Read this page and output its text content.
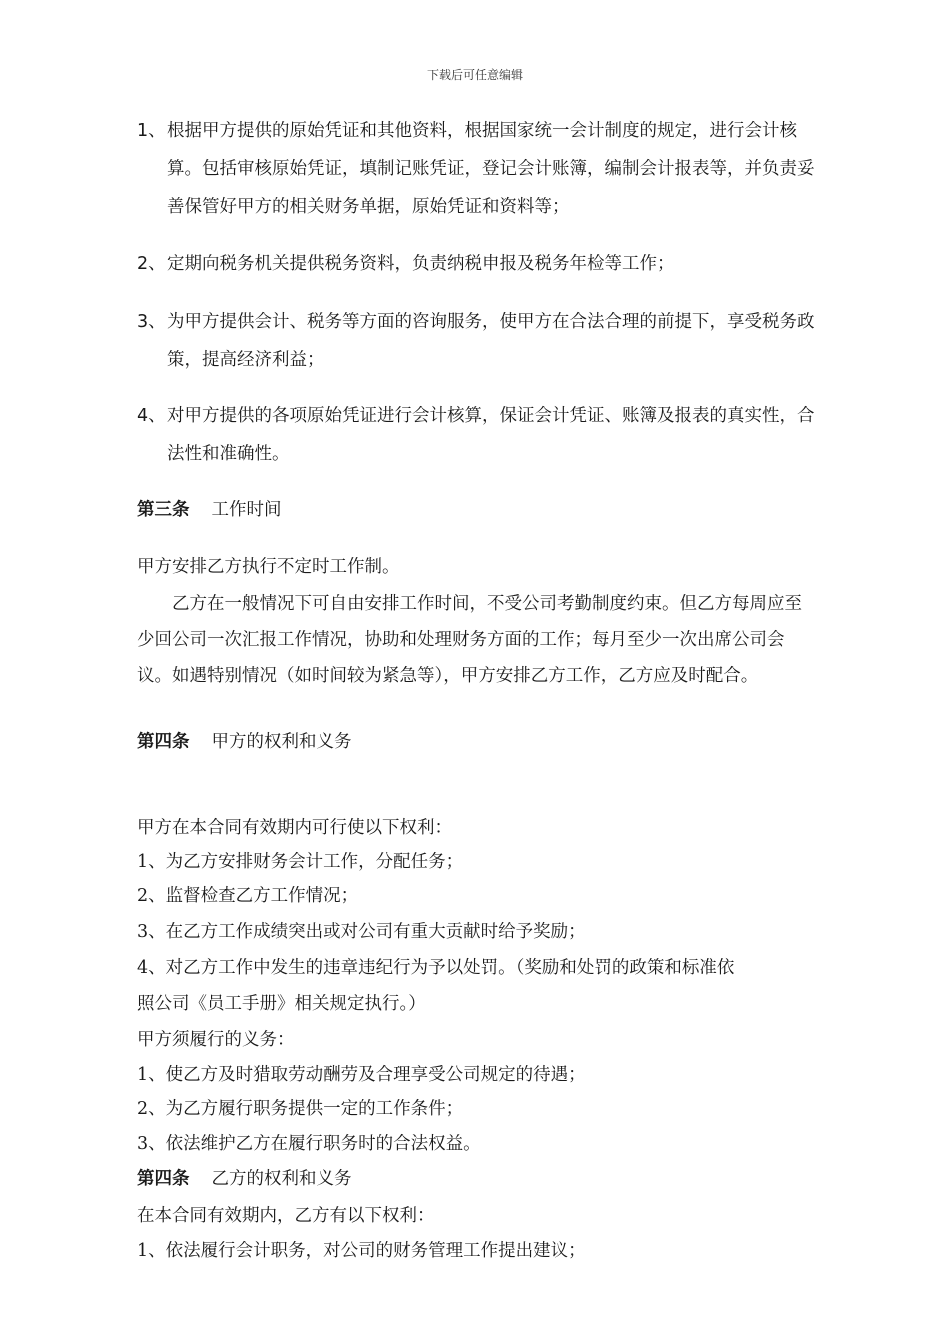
下载后可任意编辑
1、 根据甲方提供的原始凭证和其他资料，根据国家统一会计制度的规定，进行会计核算。包括审核原始凭证，填制记账凭证，登记会计账簿，编制会计报表等，并负责妥善保管好甲方的相关财务单据，原始凭证和资料等；
2、 定期向税务机关提供税务资料，负责纳税申报及税务年检等工作；
3、 为甲方提供会计、税务等方面的咨询服务，使甲方在合法合理的前提下，享受税务政策，提高经济利益；
4、 对甲方提供的各项原始凭证进行会计核算，保证会计凭证、账簿及报表的真实性，合法性和准确性。
第三条 工作时间
甲方安排乙方执行不定时工作制。
乙方在一般情况下可自由安排工作时间，不受公司考勤制度约束。但乙方每周应至少回公司一次汇报工作情况，协助和处理财务方面的工作；每月至少一次出席公司会议。如遇特别情况（如时间较为紧急等），甲方安排乙方工作，乙方应及时配合。
第四条 甲方的权利和义务
甲方在本合同有效期内可行使以下权利：
1、为乙方安排财务会计工作，分配任务；
2、监督检查乙方工作情况；
3、在乙方工作成绩突出或对公司有重大贡献时给予奖励；
4、对乙方工作中发生的违章违纪行为予以处罚。（奖励和处罚的政策和标准依
照公司《员工手册》相关规定执行。）
甲方须履行的义务：
1、使乙方及时猎取劳动酬劳及合理享受公司规定的待遇；
2、为乙方履行职务提供一定的工作条件；
3、依法维护乙方在履行职务时的合法权益。
第四条 乙方的权利和义务
在本合同有效期内，乙方有以下权利：
1、依法履行会计职务，对公司的财务管理工作提出建议；
